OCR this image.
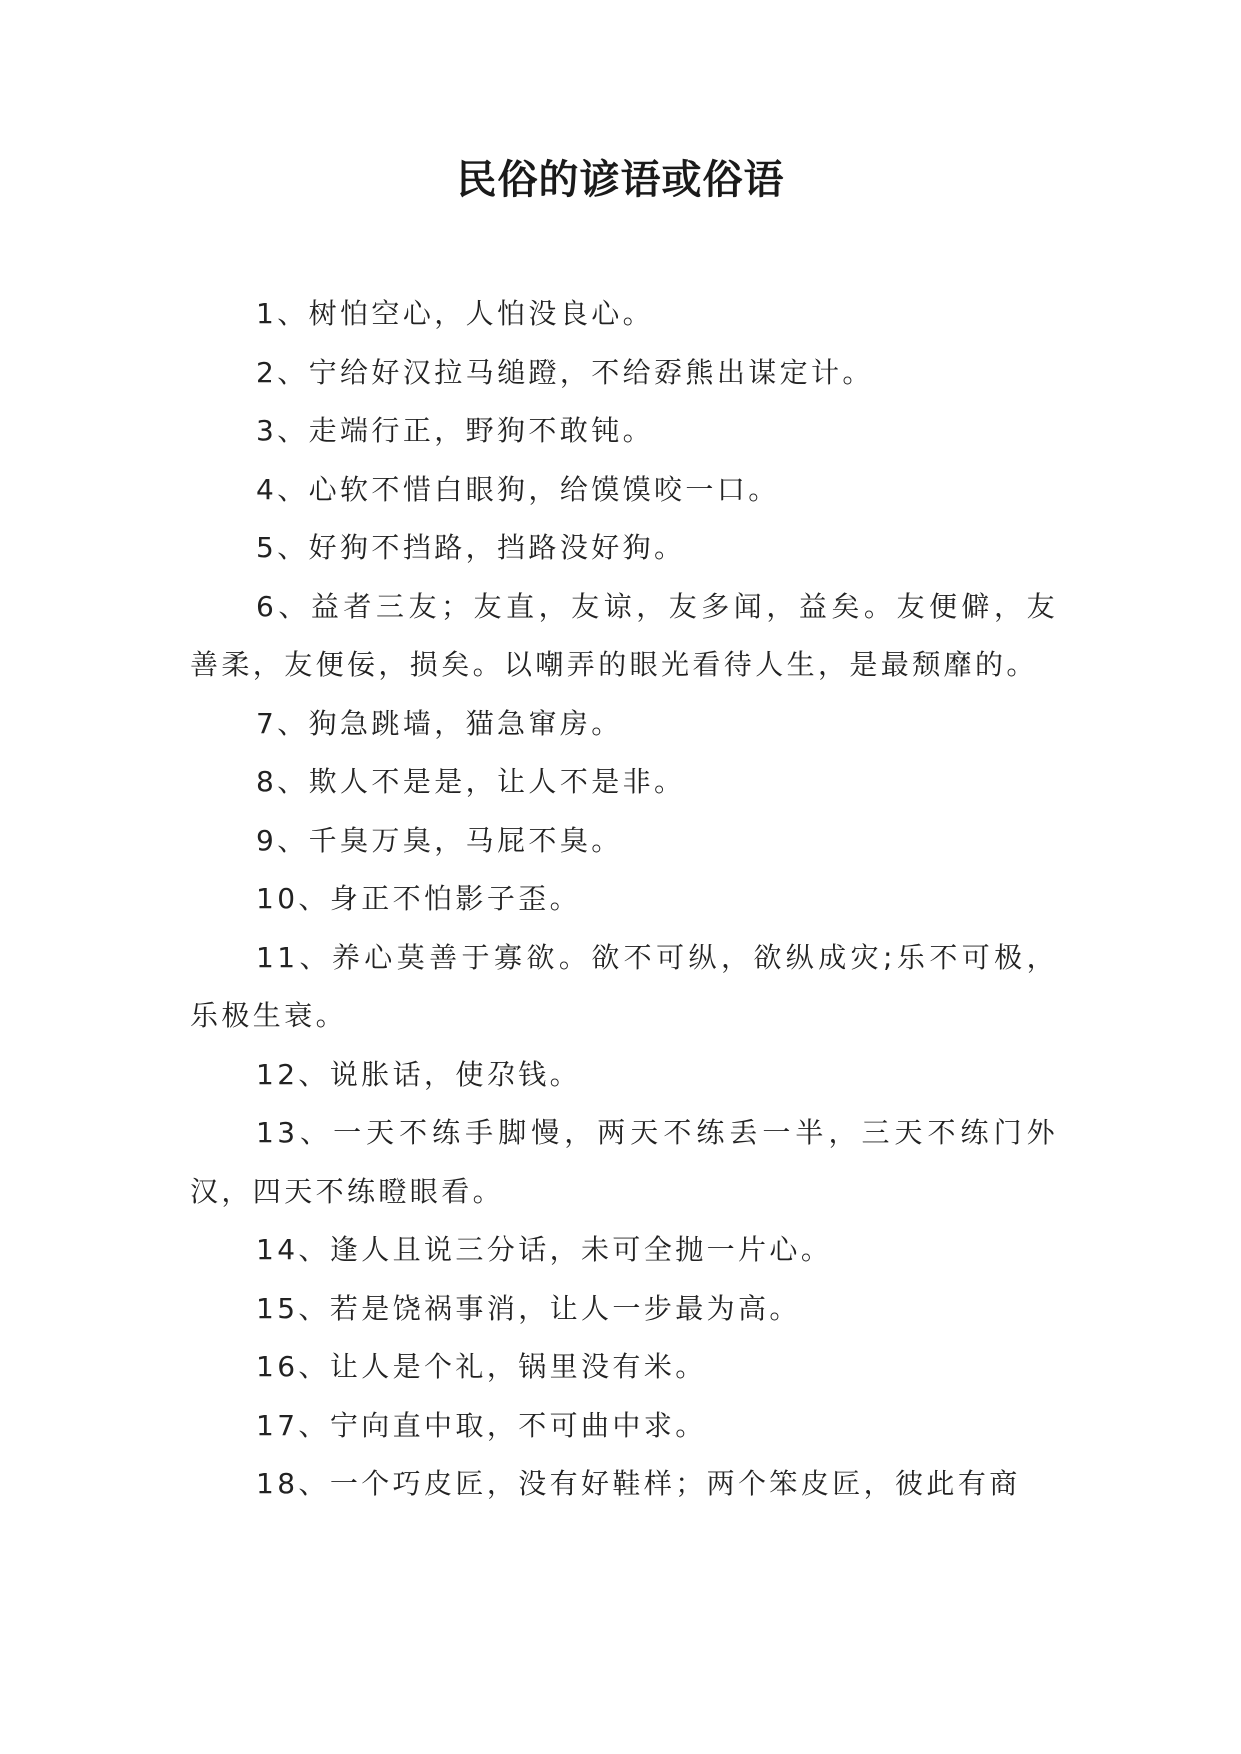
民俗的谚语或俗语

1、树怕空心，人怕没良心。

2、宁给好汉拉马缒蹬，不给孬熊出谋定计。

3、走端行正，野狗不敢钝。

4、心软不惜白眼狗，给馍馍咬一口。

5、好狗不挡路，挡路没好狗。

6、益者三友；友直，友谅，友多闻，益矣。友便僻，友善柔，友便佞，损矣。以嘲弄的眼光看待人生，是最颓靡的。

7、狗急跳墙，猫急窜房。

8、欺人不是是，让人不是非。

9、千臭万臭，马屁不臭。

10、身正不怕影子歪。

11、养心莫善于寡欲。欲不可纵，欲纵成灾;乐不可极，乐极生衰。

12、说胀话，使尕钱。

13、一天不练手脚慢，两天不练丢一半，三天不练门外汉，四天不练瞪眼看。

14、逢人且说三分话，未可全抛一片心。

15、若是饶祸事消，让人一步最为高。

16、让人是个礼，锅里没有米。

17、宁向直中取，不可曲中求。

18、一个巧皮匠，没有好鞋样；两个笨皮匠，彼此有商
